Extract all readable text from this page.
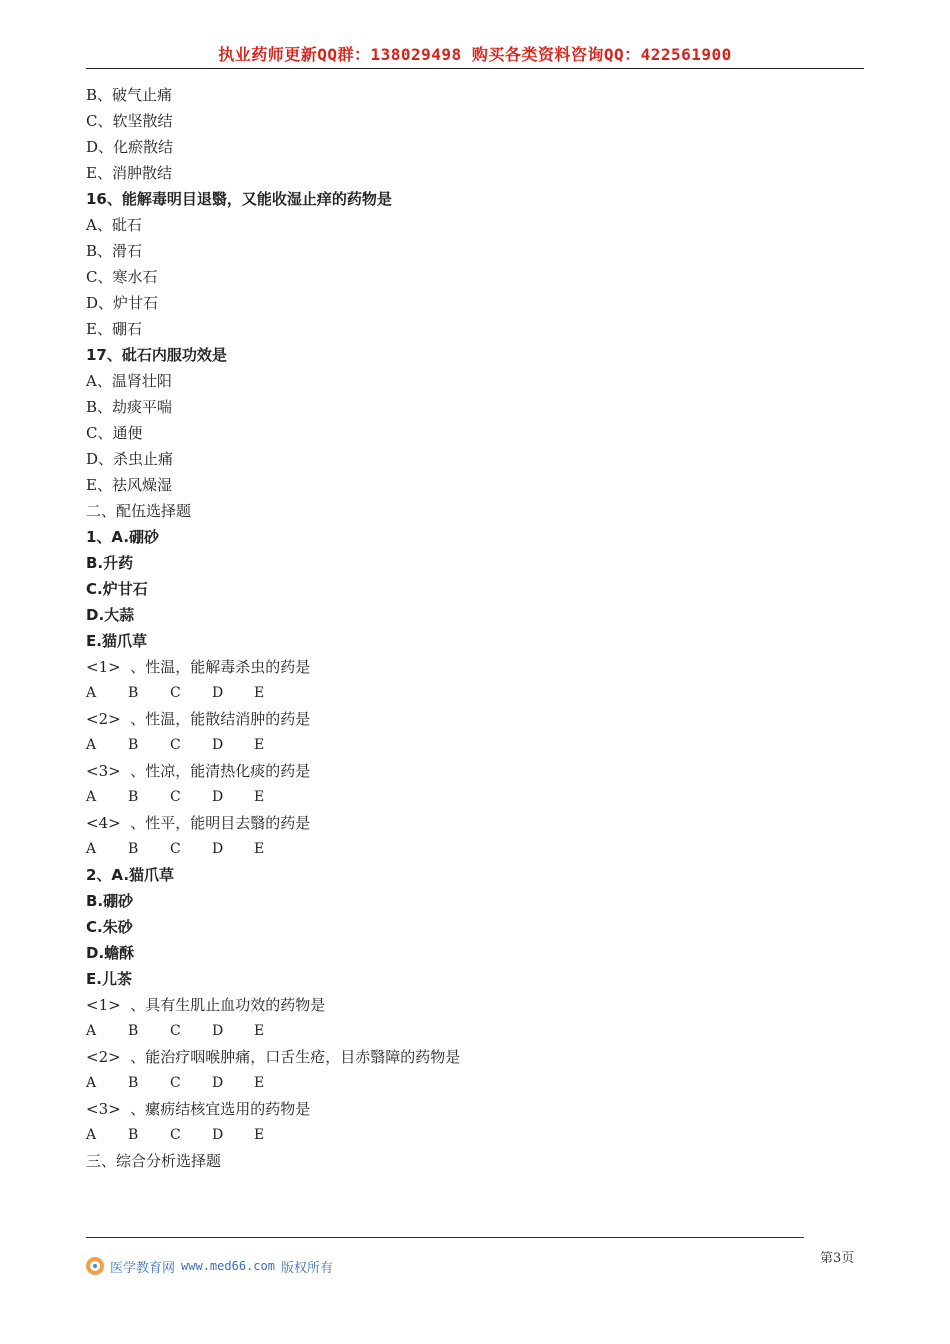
执业药师更新QQ群：138029498 购买各类资料咨询QQ：422561900
B、破气止痛
C、软坚散结
D、化瘀散结
E、消肿散结
16、能解毒明目退翳，又能收湿止痒的药物是
A、砒石
B、滑石
C、寒水石
D、炉甘石
E、硼石
17、砒石内服功效是
A、温肾壮阳
B、劫痰平喘
C、通便
D、杀虫止痛
E、祛风燥湿
二、配伍选择题
1、A.硼砂
B.升药
C.炉甘石
D.大蒜
E.猫爪草
<1>  、性温，能解毒杀虫的药是
A B C D E
<2>  、性温，能散结消肿的药是
A B C D E
<3>  、性凉，能清热化痰的药是
A B C D E
<4>  、性平，能明目去翳的药是
A B C D E
2、A.猫爪草
B.硼砂
C.朱砂
D.蟾酥
E.儿茶
<1>  、具有生肌止血功效的药物是
A B C D E
<2>  、能治疗咽喉肿痛，口舌生疮，目赤翳障的药物是
A B C D E
<3>  、瘰疬结核宜选用的药物是
A B C D E
三、综合分析选择题
第3页
医学教育网 www.med66.com 版权所有
